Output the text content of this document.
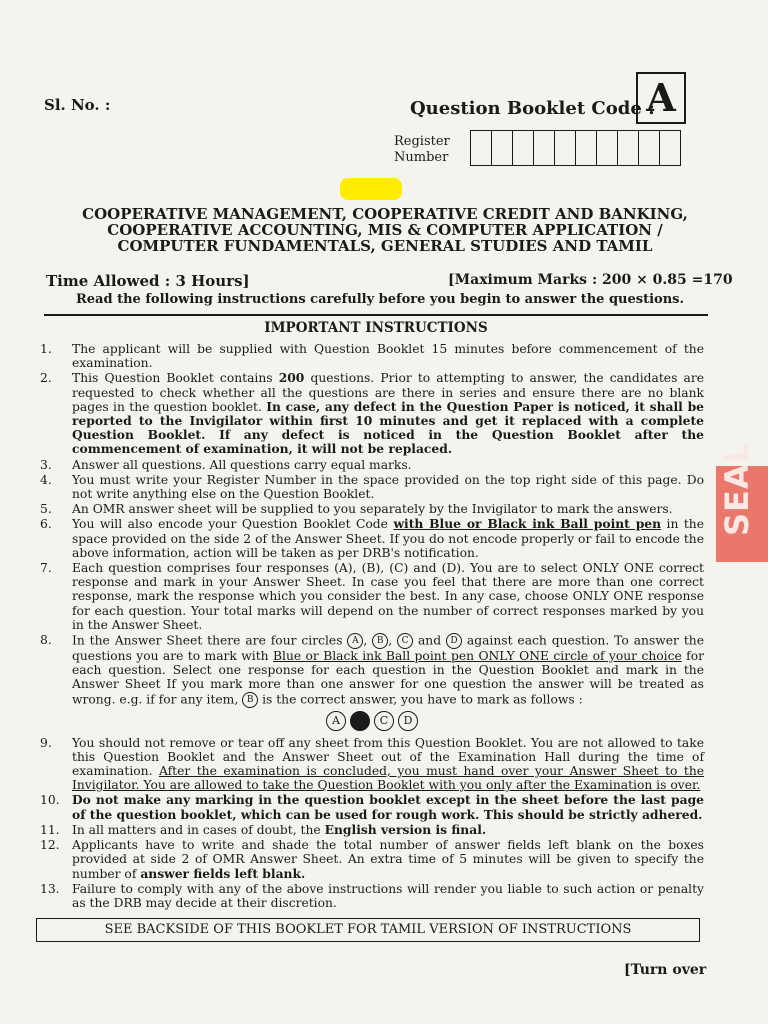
Sl. No. :	Question Booklet Code :
A
Register
Number
COOPERATIVE MANAGEMENT, COOPERATIVE CREDIT AND BANKING,
COOPERATIVE ACCOUNTING, MIS & COMPUTER APPLICATION /
COMPUTER FUNDAMENTALS, GENERAL STUDIES AND TAMIL
Time Allowed : 3 Hours]	[Maximum Marks : 200 × 0.85 =170
Read the following instructions carefully before you begin to answer the questions.
IMPORTANT INSTRUCTIONS
1.	The applicant will be supplied with Question Booklet 15 minutes before commencement of the examination.
2.	This Question Booklet contains 200 questions. Prior to attempting to answer, the candidates are requested to check whether all the questions are there in series and ensure there are no blank pages in the question booklet. In case, any defect in the Question Paper is noticed, it shall be reported to the Invigilator within first 10 minutes and get it replaced with a complete Question Booklet. If any defect is noticed in the Question Booklet after the commencement of examination, it will not be replaced.
3.	Answer all questions. All questions carry equal marks.
4.	You must write your Register Number in the space provided on the top right side of this page. Do not write anything else on the Question Booklet.
5.	An OMR answer sheet will be supplied to you separately by the Invigilator to mark the answers.
6.	You will also encode your Question Booklet Code with Blue or Black ink Ball point pen in the space provided on the side 2 of the Answer Sheet. If you do not encode properly or fail to encode the above information, action will be taken as per DRB's notification.
7.	Each question comprises four responses (A), (B), (C) and (D). You are to select ONLY ONE correct response and mark in your Answer Sheet. In case you feel that there are more than one correct response, mark the response which you consider the best. In any case, choose ONLY ONE response for each question. Your total marks will depend on the number of correct responses marked by you in the Answer Sheet.
8.	In the Answer Sheet there are four circles A , B , C and D against each question. To answer the questions you are to mark with Blue or Black ink Ball point pen ONLY ONE circle of your choice for each question. Select one response for each question in the Question Booklet and mark in the Answer Sheet If you mark more than one answer for one question the answer will be treated as wrong. e.g. if for any item, B is the correct answer, you have to mark as follows :
A	C	D
9.	You should not remove or tear off any sheet from this Question Booklet. You are not allowed to take this Question Booklet and the Answer Sheet out of the Examination Hall during the time of examination. After the examination is concluded, you must hand over your Answer Sheet to the Invigilator. You are allowed to take the Question Booklet with you only after the Examination is over.
10.	Do not make any marking in the question booklet except in the sheet before the last page of the question booklet, which can be used for rough work. This should be strictly adhered.
11.	In all matters and in cases of doubt, the English version is final.
12.	Applicants have to write and shade the total number of answer fields left blank on the boxes provided at side 2 of OMR Answer Sheet. An extra time of 5 minutes will be given to specify the number of answer fields left blank.
13.	Failure to comply with any of the above instructions will render you liable to such action or penalty as the DRB may decide at their discretion.
SEE BACKSIDE OF THIS BOOKLET FOR TAMIL VERSION OF INSTRUCTIONS
[Turn over
SEAL
